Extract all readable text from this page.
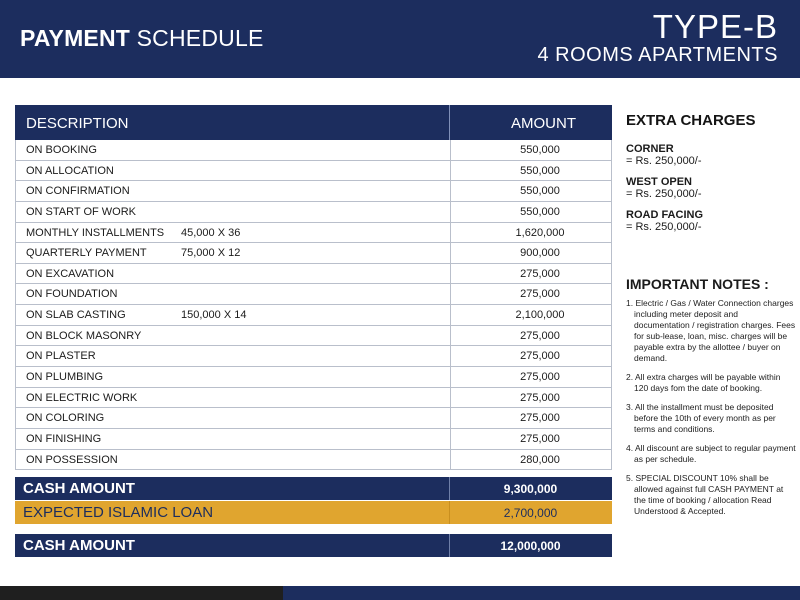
PAYMENT SCHEDULE	TYPE-B
4 ROOMS APARTMENTS
DESCRIPTION	AMOUNT
ON BOOKING	550,000
ON ALLOCATION	550,000
ON CONFIRMATION	550,000
ON START OF WORK	550,000
MONTHLY INSTALLMENTS 45,000 X 36	1,620,000
QUARTERLY PAYMENT	75,000 X 12	900,000
ON EXCAVATION	275,000
ON FOUNDATION	275,000
ON SLAB CASTING	150,000 X 14	2,100,000
ON BLOCK MASONRY	275,000
ON PLASTER	275,000
ON PLUMBING	275,000
ON ELECTRIC WORK	275,000
ON COLORING	275,000
ON FINISHING	275,000
ON POSSESSION	280,000
CASH AMOUNT	9,300,000
EXPECTED ISLAMIC LOAN	2,700,000
CASH AMOUNT	12,000,000
EXTRA CHARGES
CORNER
= Rs. 250,000/-
WEST OPEN
= Rs. 250,000/-
ROAD FACING
= Rs. 250,000/-
IMPORTANT NOTES :
1. Electric / Gas / Water Connection charges including meter deposit and documentation / registration charges. Fees for sub-lease, loan, misc. charges will be payable extra by the allottee / buyer on demand.
2. All extra charges will be payable within 120 days fom the date of booking.
3. All the installment must be deposited before the 10th of every month as per terms and conditions.
4. All discount are subject to regular payment as per schedule.
5. SPECIAL DISCOUNT 10% shall be allowed against full CASH PAYMENT at the time of booking / allocation Read Understood & Accepted.
